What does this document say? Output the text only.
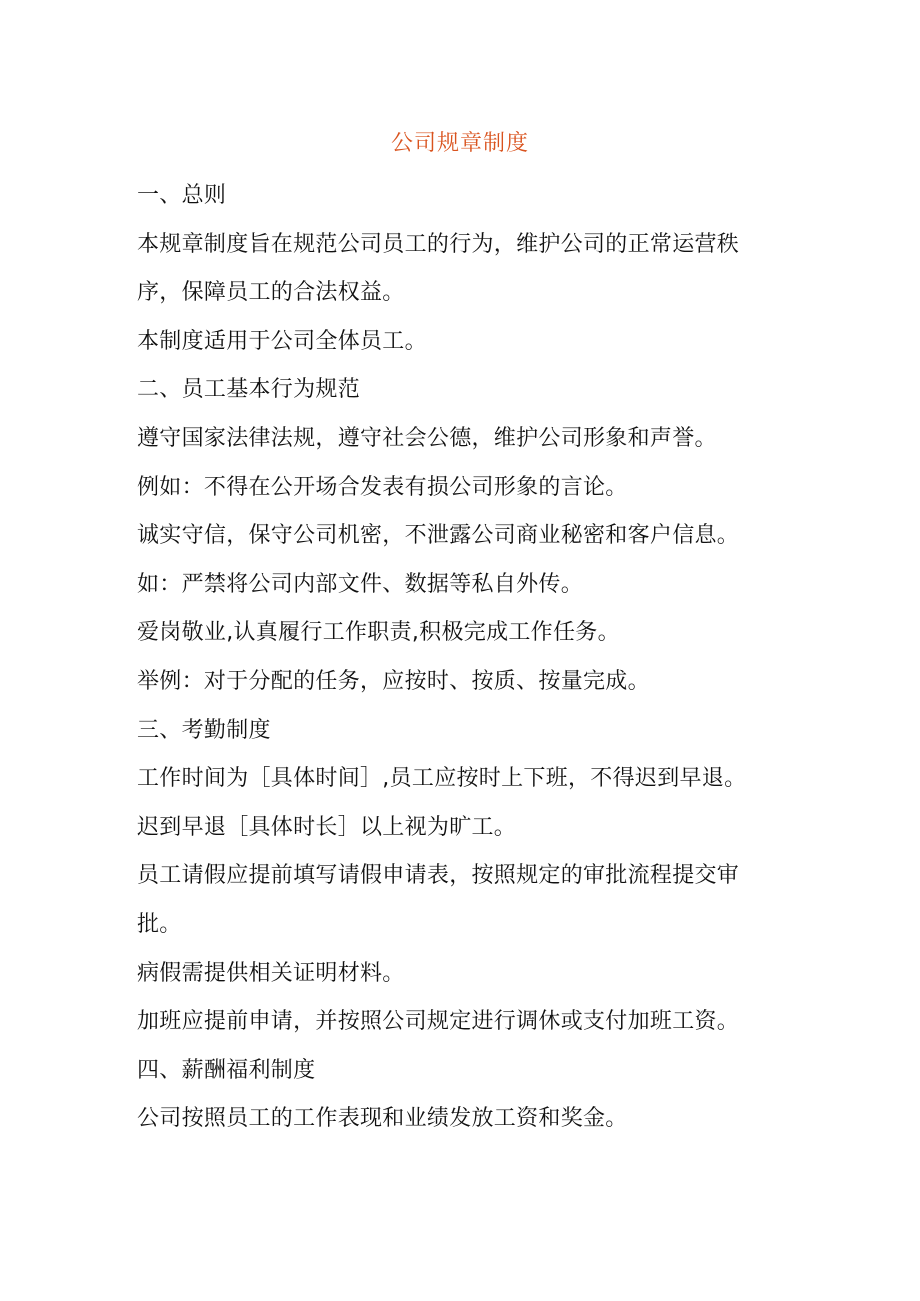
公司规章制度

一、总则

本规章制度旨在规范公司员工的行为，维护公司的正常运营秩

序，保障员工的合法权益。

本制度适用于公司全体员工。

二、员工基本行为规范

遵守国家法律法规，遵守社会公德，维护公司形象和声誉。

例如：不得在公开场合发表有损公司形象的言论。

诚实守信，保守公司机密，不泄露公司商业秘密和客户信息。

如：严禁将公司内部文件、数据等私自外传。

爱岗敬业,认真履行工作职责,积极完成工作任务。

举例：对于分配的任务，应按时、按质、按量完成。

三、考勤制度

工作时间为［具体时间］,员工应按时上下班，不得迟到早退。

迟到早退［具体时长］以上视为旷工。

员工请假应提前填写请假申请表，按照规定的审批流程提交审

批。

病假需提供相关证明材料。

加班应提前申请，并按照公司规定进行调休或支付加班工资。

四、薪酬福利制度

公司按照员工的工作表现和业绩发放工资和奖金。
